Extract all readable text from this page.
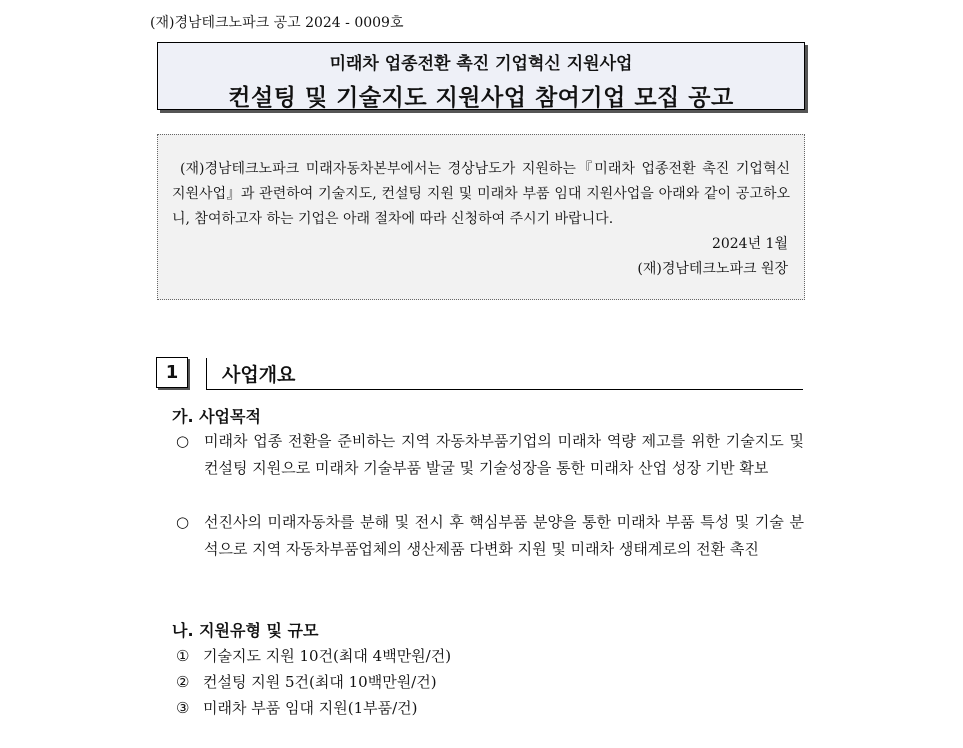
(재)경남테크노파크 공고 2024 - 0009호
미래차 업종전환 촉진 기업혁신 지원사업
컨설팅 및 기술지도 지원사업 참여기업 모집 공고
(재)경남테크노파크 미래자동차본부에서는 경상남도가 지원하는『미래차 업종전환 촉진 기업혁신 지원사업』과 관련하여 기술지도, 컨설팅 지원 및 미래차 부품 임대 지원사업을 아래와 같이 공고하오니, 참여하고자 하는 기업은 아래 절차에 따라 신청하여 주시기 바랍니다.
2024년 1월
(재)경남테크노파크 원장
1	사업개요
가. 사업목적
○ 미래차 업종 전환을 준비하는 지역 자동차부품기업의 미래차 역량 제고를 위한 기술지도 및 컨설팅 지원으로 미래차 기술부품 발굴 및 기술성장을 통한 미래차 산업 성장 기반 확보
○ 선진사의 미래자동차를 분해 및 전시 후 핵심부품 분양을 통한 미래차 부품 특성 및 기술 분석으로 지역 자동차부품업체의 생산제품 다변화 지원 및 미래차 생태계로의 전환 촉진
나. 지원유형 및 규모
① 기술지도 지원 10건(최대 4백만원/건)
② 컨설팅 지원 5건(최대 10백만원/건)
③ 미래차 부품 임대 지원(1부품/건)
